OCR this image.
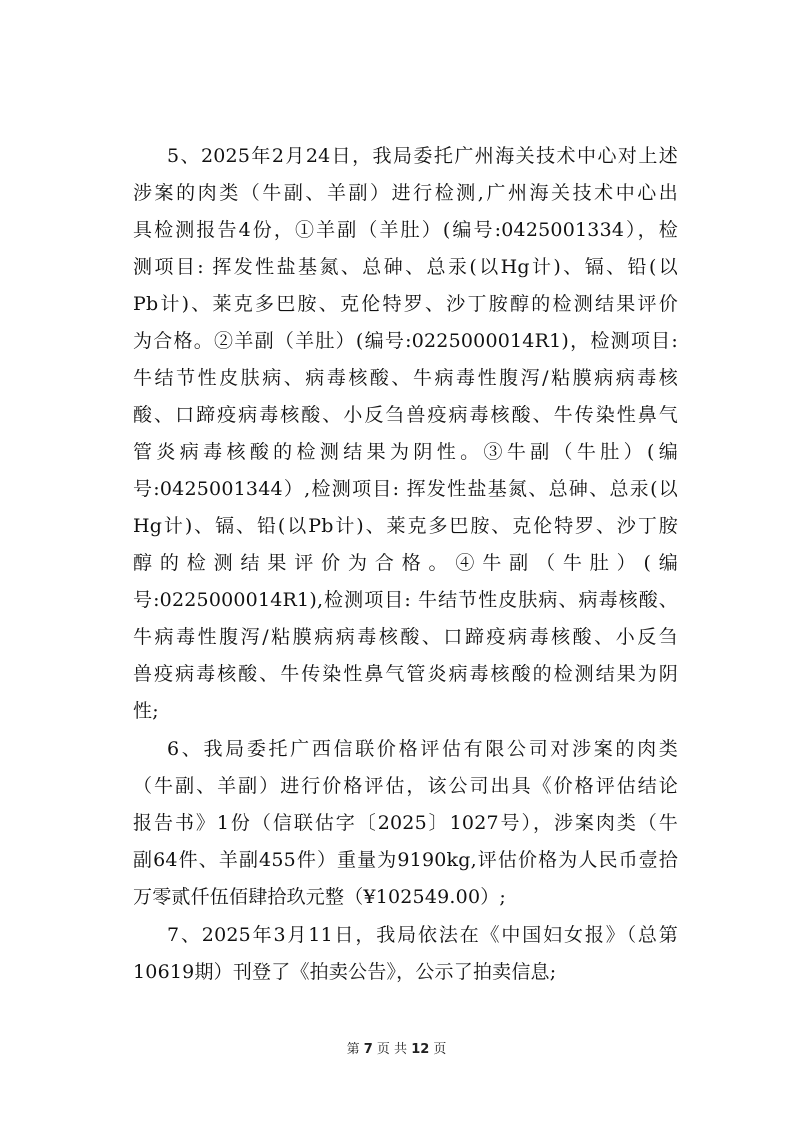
5、2025年2月24日，我局委托广州海关技术中心对上述
涉案的肉类（牛副、羊副）进行检测,广州海关技术中心出
具检测报告4份，①羊副（羊肚）(编号:0425001334），检
测项目: 挥发性盐基氮、总砷、总汞(以Hg计)、镉、铅(以
Pb计)、莱克多巴胺、克伦特罗、沙丁胺醇的检测结果评价
为合格。②羊副（羊肚）(编号:0225000014R1)，检测项目:
牛结节性皮肤病、病毒核酸、牛病毒性腹泻/粘膜病病毒核
酸、口蹄疫病毒核酸、小反刍兽疫病毒核酸、牛传染性鼻气
管炎病毒核酸的检测结果为阴性。③牛副（牛肚）(编
号:0425001344）,检测项目: 挥发性盐基氮、总砷、总汞(以
Hg计)、镉、铅(以Pb计)、莱克多巴胺、克伦特罗、沙丁胺
醇的检测结果评价为合格。④牛副（牛肚）(编
号:0225000014R1),检测项目: 牛结节性皮肤病、病毒核酸、
牛病毒性腹泻/粘膜病病毒核酸、口蹄疫病毒核酸、小反刍
兽疫病毒核酸、牛传染性鼻气管炎病毒核酸的检测结果为阴
性;
6、我局委托广西信联价格评估有限公司对涉案的肉类
（牛副、羊副）进行价格评估，该公司出具《价格评估结论
报告书》1份（信联估字〔2025〕1027号），涉案肉类（牛
副64件、羊副455件）重量为9190kg,评估价格为人民币壹拾
万零贰仟伍佰肆拾玖元整（¥102549.00）;
7、2025年3月11日，我局依法在《中国妇女报》（总第
10619期）刊登了《拍卖公告》，公示了拍卖信息;
第 7 页 共 12 页
